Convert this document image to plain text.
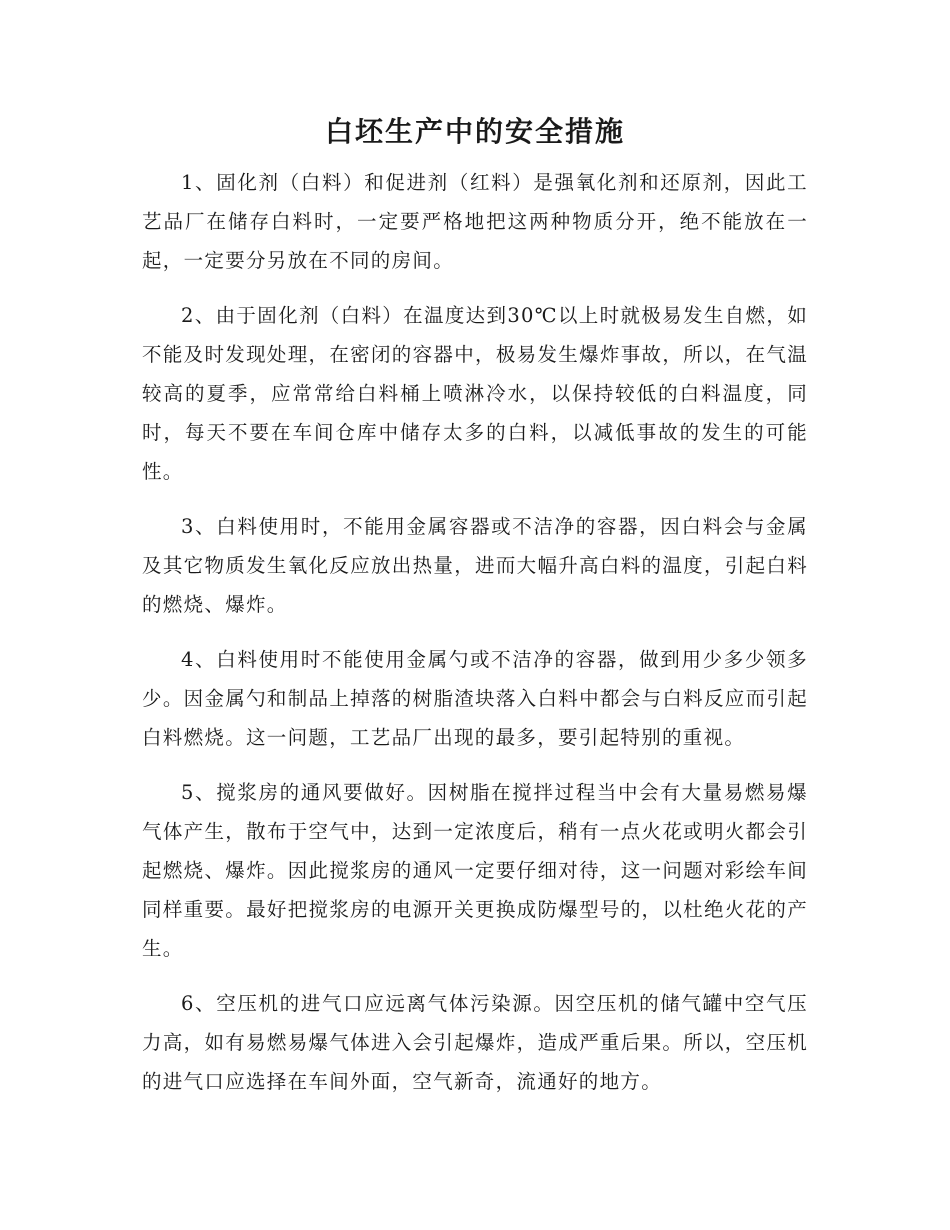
白坯生产中的安全措施

1、固化剂（白料）和促进剂（红料）是强氧化剂和还原剂，因此工艺品厂在储存白料时，一定要严格地把这两种物质分开，绝不能放在一起，一定要分另放在不同的房间。

2、由于固化剂（白料）在温度达到30℃以上时就极易发生自燃，如不能及时发现处理，在密闭的容器中，极易发生爆炸事故，所以，在气温较高的夏季，应常常给白料桶上喷淋冷水，以保持较低的白料温度，同时，每天不要在车间仓库中储存太多的白料，以减低事故的发生的可能性。

3、白料使用时，不能用金属容器或不洁净的容器，因白料会与金属及其它物质发生氧化反应放出热量，进而大幅升高白料的温度，引起白料的燃烧、爆炸。

4、白料使用时不能使用金属勺或不洁净的容器，做到用少多少领多少。因金属勺和制品上掉落的树脂渣块落入白料中都会与白料反应而引起白料燃烧。这一问题，工艺品厂出现的最多，要引起特别的重视。

5、搅浆房的通风要做好。因树脂在搅拌过程当中会有大量易燃易爆气体产生，散布于空气中，达到一定浓度后，稍有一点火花或明火都会引起燃烧、爆炸。因此搅浆房的通风一定要仔细对待，这一问题对彩绘车间同样重要。最好把搅浆房的电源开关更换成防爆型号的，以杜绝火花的产生。

6、空压机的进气口应远离气体污染源。因空压机的储气罐中空气压力高，如有易燃易爆气体进入会引起爆炸，造成严重后果。所以，空压机的进气口应选择在车间外面，空气新奇，流通好的地方。
